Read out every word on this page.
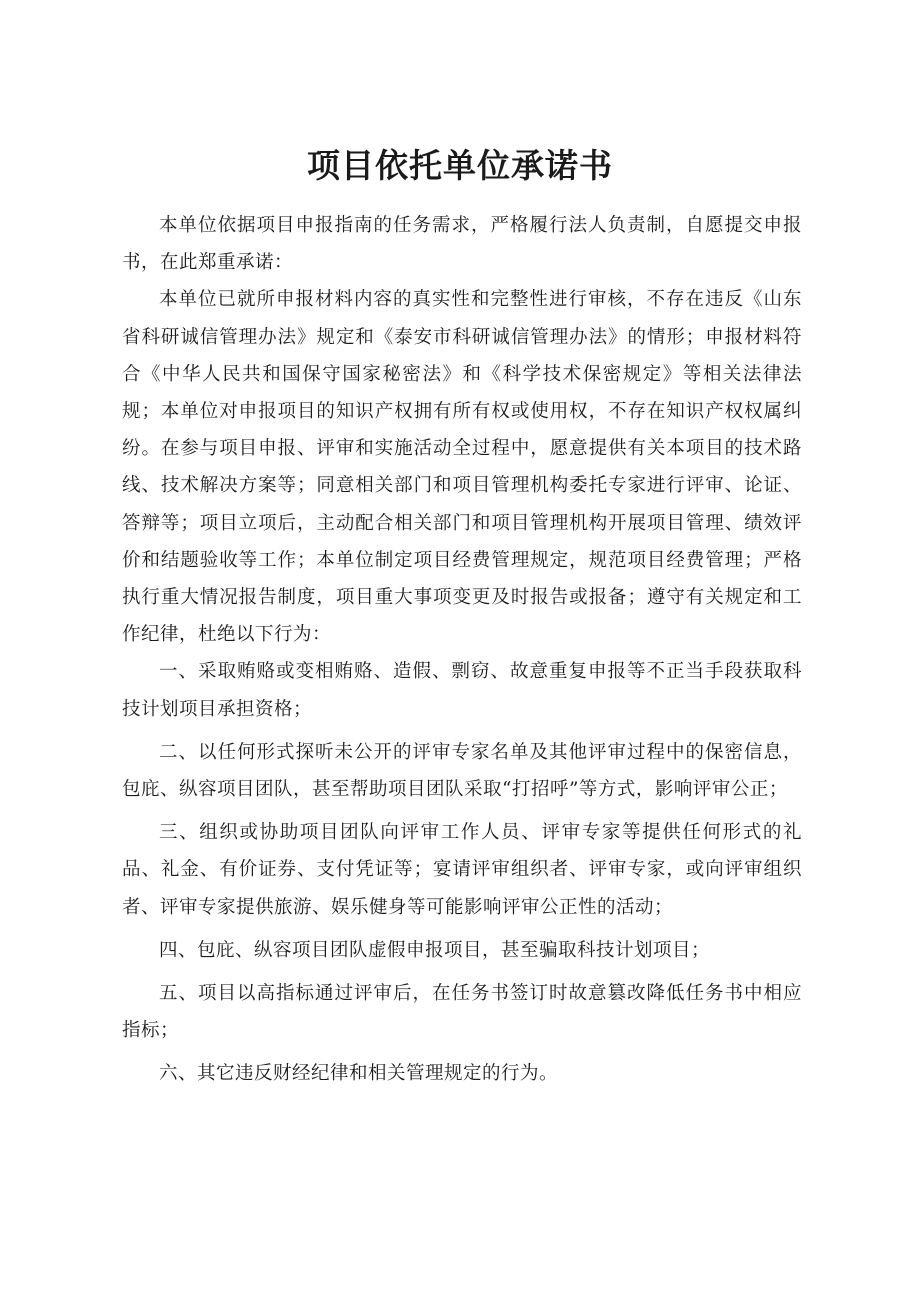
项目依托单位承诺书

本单位依据项目申报指南的任务需求，严格履行法人负责制，自愿提交申报书，在此郑重承诺：

本单位已就所申报材料内容的真实性和完整性进行审核，不存在违反《山东省科研诚信管理办法》规定和《泰安市科研诚信管理办法》的情形；申报材料符合《中华人民共和国保守国家秘密法》和《科学技术保密规定》等相关法律法规；本单位对申报项目的知识产权拥有所有权或使用权，不存在知识产权权属纠纷。在参与项目申报、评审和实施活动全过程中，愿意提供有关本项目的技术路线、技术解决方案等；同意相关部门和项目管理机构委托专家进行评审、论证、答辩等；项目立项后，主动配合相关部门和项目管理机构开展项目管理、绩效评价和结题验收等工作；本单位制定项目经费管理规定，规范项目经费管理；严格执行重大情况报告制度，项目重大事项变更及时报告或报备；遵守有关规定和工作纪律，杜绝以下行为：

一、采取贿赂或变相贿赂、造假、剽窃、故意重复申报等不正当手段获取科技计划项目承担资格；

二、以任何形式探听未公开的评审专家名单及其他评审过程中的保密信息，包庇、纵容项目团队，甚至帮助项目团队采取“打招呼”等方式，影响评审公正；

三、组织或协助项目团队向评审工作人员、评审专家等提供任何形式的礼品、礼金、有价证券、支付凭证等；宴请评审组织者、评审专家，或向评审组织者、评审专家提供旅游、娱乐健身等可能影响评审公正性的活动；

四、包庇、纵容项目团队虚假申报项目，甚至骗取科技计划项目；

五、项目以高指标通过评审后，在任务书签订时故意篡改降低任务书中相应指标；

六、其它违反财经纪律和相关管理规定的行为。
